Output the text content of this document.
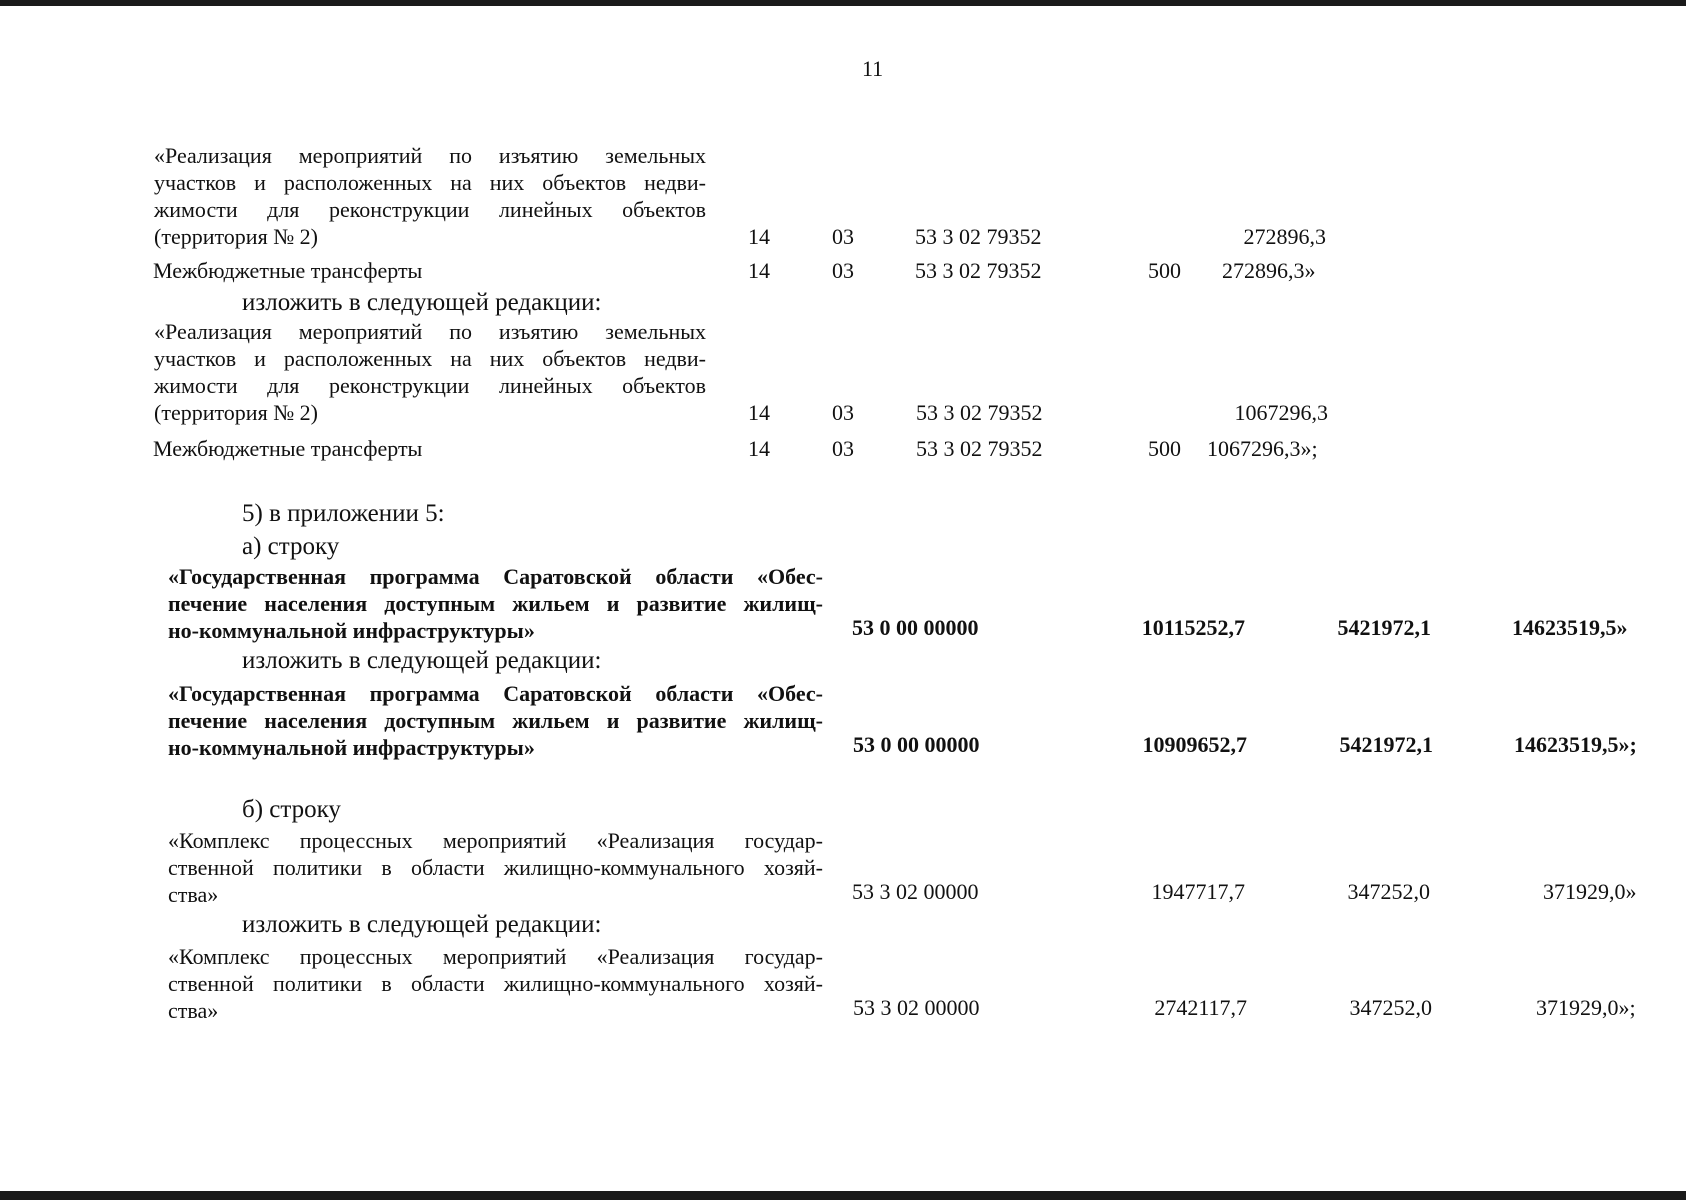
11
«Реализация мероприятий по изъятию земельных
участков и расположенных на них объектов недви-
жимости для реконструкции линейных объектов
(территория № 2)	14	03	53 3 02 79352	272896,3
Межбюджетные трансферты	14	03	53 3 02 79352	500 272896,3»
изложить в следующей редакции:
«Реализация мероприятий по изъятию земельных
участков и расположенных на них объектов недви-
жимости для реконструкции линейных объектов
(территория № 2)	14	03	53 3 02 79352	1067296,3
Межбюджетные трансферты	14	03	53 3 02 79352	500 1067296,3»;
5) в приложении 5:
а) строку
«Государственная программа Саратовской области «Обес-
печение населения доступным жильем и развитие жилищ-
но-коммунальной инфраструктуры»	53 0 00 00000	10115252,7	5421972,1	14623519,5»
изложить в следующей редакции:
«Государственная программа Саратовской области «Обес-
печение населения доступным жильем и развитие жилищ-
но-коммунальной инфраструктуры»	53 0 00 00000	10909652,7	5421972,1	14623519,5»;
б) строку
«Комплекс процессных мероприятий «Реализация государ-
ственной политики в области жилищно-коммунального хозяй-
ства»	53 3 02 00000	1947717,7	347252,0	371929,0»
изложить в следующей редакции:
«Комплекс процессных мероприятий «Реализация государ-
ственной политики в области жилищно-коммунального хозяй-
ства»	53 3 02 00000	2742117,7	347252,0	371929,0»;
